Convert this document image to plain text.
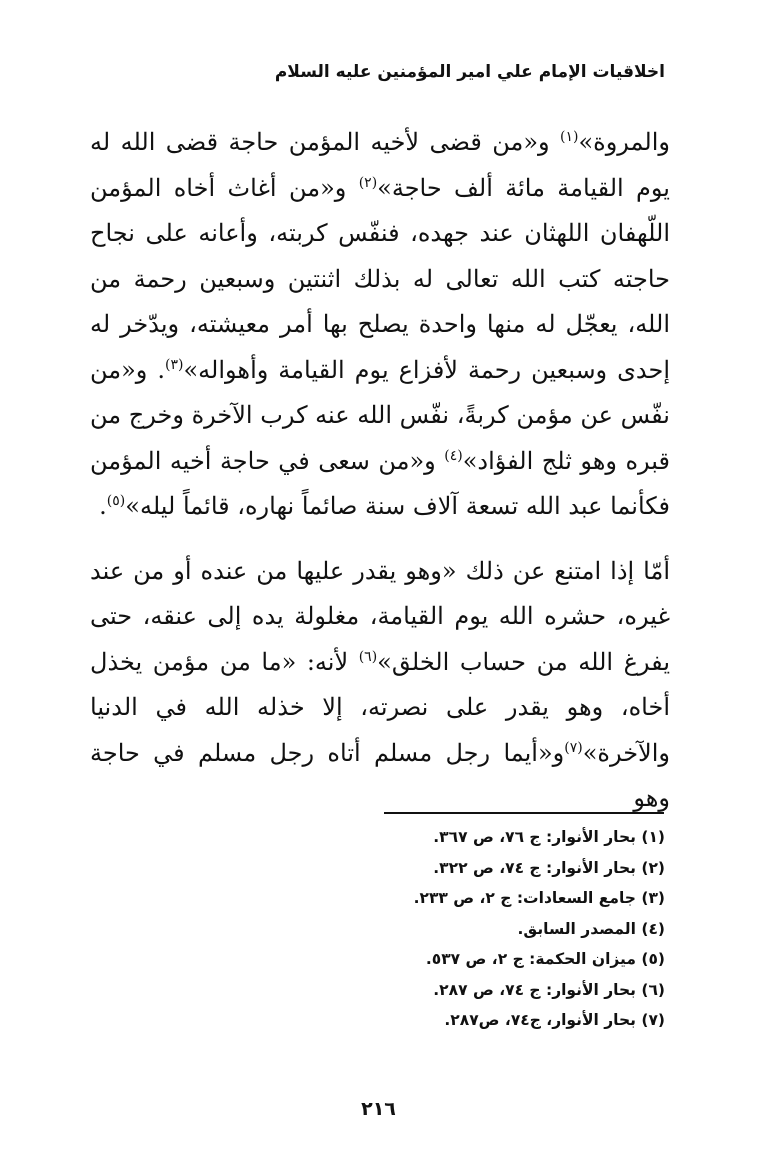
اخلاقيات الإمام علي امير المؤمنين عليه السلام

والمروة»$^{(١)}$ و«من قضى لأخيه المؤمن حاجة قضى الله له يوم القيامة مائة ألف حاجة»$^{(٢)}$ و«من أغاث أخاه المؤمن اللّهفان اللهثان عند جهده، فنفّس كربته، وأعانه على نجاح حاجته كتب الله تعالى له بذلك اثنتين وسبعين رحمة من الله، يعجّل له منها واحدة يصلح بها أمر معيشته، ويدّخر له إحدى وسبعين رحمة لأفزاع يوم القيامة وأهواله»$^{(٣)}$. و«من نفّس عن مؤمن كربةً، نفّس الله عنه كرب الآخرة وخرج من قبره وهو ثلج الفؤاد»$^{(٤)}$ و«من سعى في حاجة أخيه المؤمن فكأنما عبد الله تسعة آلاف سنة صائماً نهاره، قائماً ليله»$^{(٥)}$.

أمّا إذا امتنع عن ذلك «وهو يقدر عليها من عنده أو من عند غيره، حشره الله يوم القيامة، مغلولة يده إلى عنقه، حتى يفرغ الله من حساب الخلق»$^{(٦)}$ لأنه: «ما من مؤمن يخذل أخاه، وهو يقدر على نصرته، إلا خذله الله في الدنيا والآخرة»$^{(٧)}$و«أيما رجل مسلم أتاه رجل مسلم في حاجة وهو

(١) بحار الأنوار: ج ٧٦، ص ٣٦٧.
(٢) بحار الأنوار: ج ٧٤، ص ٣٢٢.
(٣) جامع السعادات: ج ٢، ص ٢٣٣.
(٤) المصدر السابق.
(٥) ميزان الحكمة: ج ٢، ص ٥٣٧.
(٦) بحار الأنوار: ج ٧٤، ص ٢٨٧.
(٧) بحار الأنوار، ج٧٤، ص٢٨٧.
٢١٦
